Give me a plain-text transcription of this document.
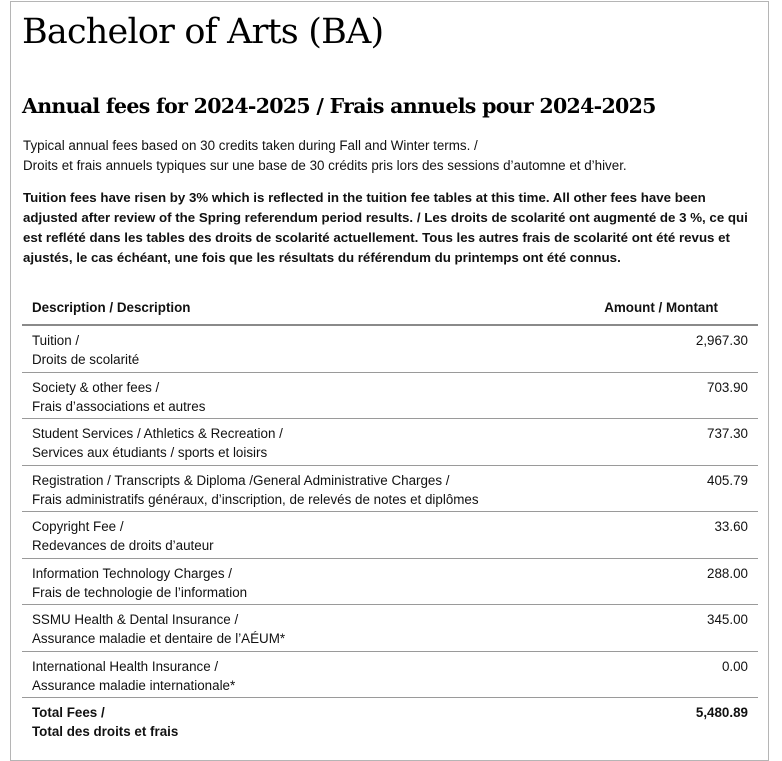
Bachelor of Arts (BA)
Annual fees for 2024-2025 / Frais annuels pour 2024-2025

Typical annual fees based on 30 credits taken during Fall and Winter terms. /
Droits et frais annuels typiques sur une base de 30 crédits pris lors des sessions d’automne et d’hiver.

Tuition fees have risen by 3% which is reflected in the tuition fee tables at this time. All other fees have been adjusted after review of the Spring referendum period results. / Les droits de scolarité ont augmenté de 3 %, ce qui est reflété dans les tables des droits de scolarité actuellement. Tous les autres frais de scolarité ont été revus et ajustés, le cas échéant, une fois que les résultats du référendum du printemps ont été connus.

Description / Description	Amount / Montant

Tuition /
Droits de scolarité	2,967.30

Society & other fees /
Frais d’associations et autres	703.90

Student Services / Athletics & Recreation /
Services aux étudiants / sports et loisirs	737.30

Registration / Transcripts & Diploma /General Administrative Charges /
Frais administratifs généraux, d’inscription, de relevés de notes et diplômes	405.79

Copyright Fee /
Redevances de droits d’auteur	33.60

Information Technology Charges /
Frais de technologie de l’information	288.00

SSMU Health & Dental Insurance /
Assurance maladie et dentaire de l’AÉUM*	345.00

International Health Insurance /
Assurance maladie internationale*	0.00

Total Fees /
Total des droits et frais	5,480.89
